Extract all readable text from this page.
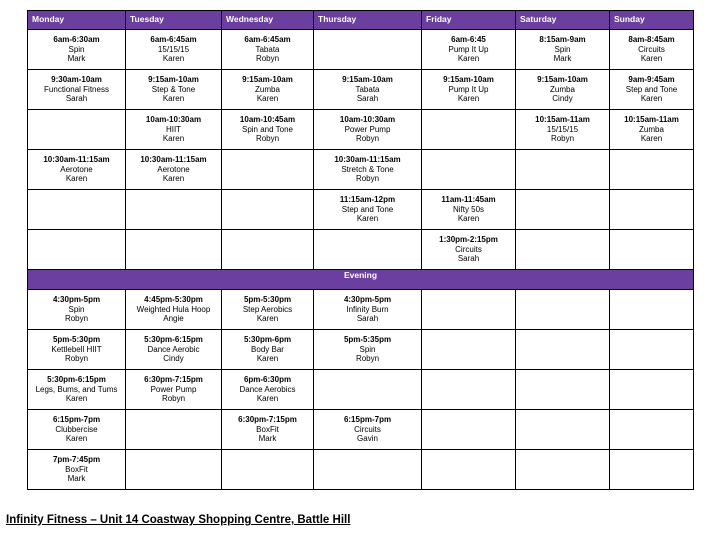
Monday	Tuesday	Wednesday	Thursday	Friday	Saturday	Sunday

6am-6:30am
Spin
Mark	6am-6:45am
15/15/15
Karen	6am-6:45am
Tabata
Robyn		6am-6:45
Pump It Up
Karen	8:15am-9am
Spin
Mark	8am-8:45am
Circuits
Karen

9:30am-10am
Functional Fitness
Sarah	9:15am-10am
Step & Tone
Karen	9:15am-10am
Zumba
Karen	9:15am-10am
Tabata
Sarah	9:15am-10am
Pump It Up
Karen	9:15am-10am
Zumba
Cindy	9am-9:45am
Step and Tone
Karen

	10am-10:30am
HIIT
Karen	10am-10:45am
Spin and Tone
Robyn	10am-10:30am
Power Pump
Robyn		10:15am-11am
15/15/15
Robyn	10:15am-11am
Zumba
Karen

10:30am-11:15am
Aerotone
Karen	10:30am-11:15am
Aerotone
Karen		10:30am-11:15am
Stretch & Tone
Robyn			

			11:15am-12pm
Step and Tone
Karen	11am-11:45am
Nifty 50s
Karen		

				1:30pm-2:15pm
Circuits
Sarah		

Evening						

4:30pm-5pm
Spin
Robyn	4:45pm-5:30pm
Weighted Hula Hoop
Angie	5pm-5:30pm
Step Aerobics
Karen	4:30pm-5pm
Infinity Burn
Sarah			

5pm-5:30pm
Kettlebell HIIT
Robyn	5:30pm-6:15pm
Dance Aerobic
Cindy	5:30pm-6pm
Body Bar
Karen	5pm-5:35pm
Spin
Robyn			

5:30pm-6:15pm
Legs, Bums, and Tums
Karen	6:30pm-7:15pm
Power Pump
Robyn	6pm-6:30pm
Dance Aerobics
Karen				

6:15pm-7pm
Clubbercise
Karen		6:30pm-7:15pm
BoxFit
Mark	6:15pm-7pm
Circuits
Gavin			

7pm-7:45pm
BoxFit
Mark						

Infinity Fitness – Unit 14 Coastway Shopping Centre, Battle Hill
